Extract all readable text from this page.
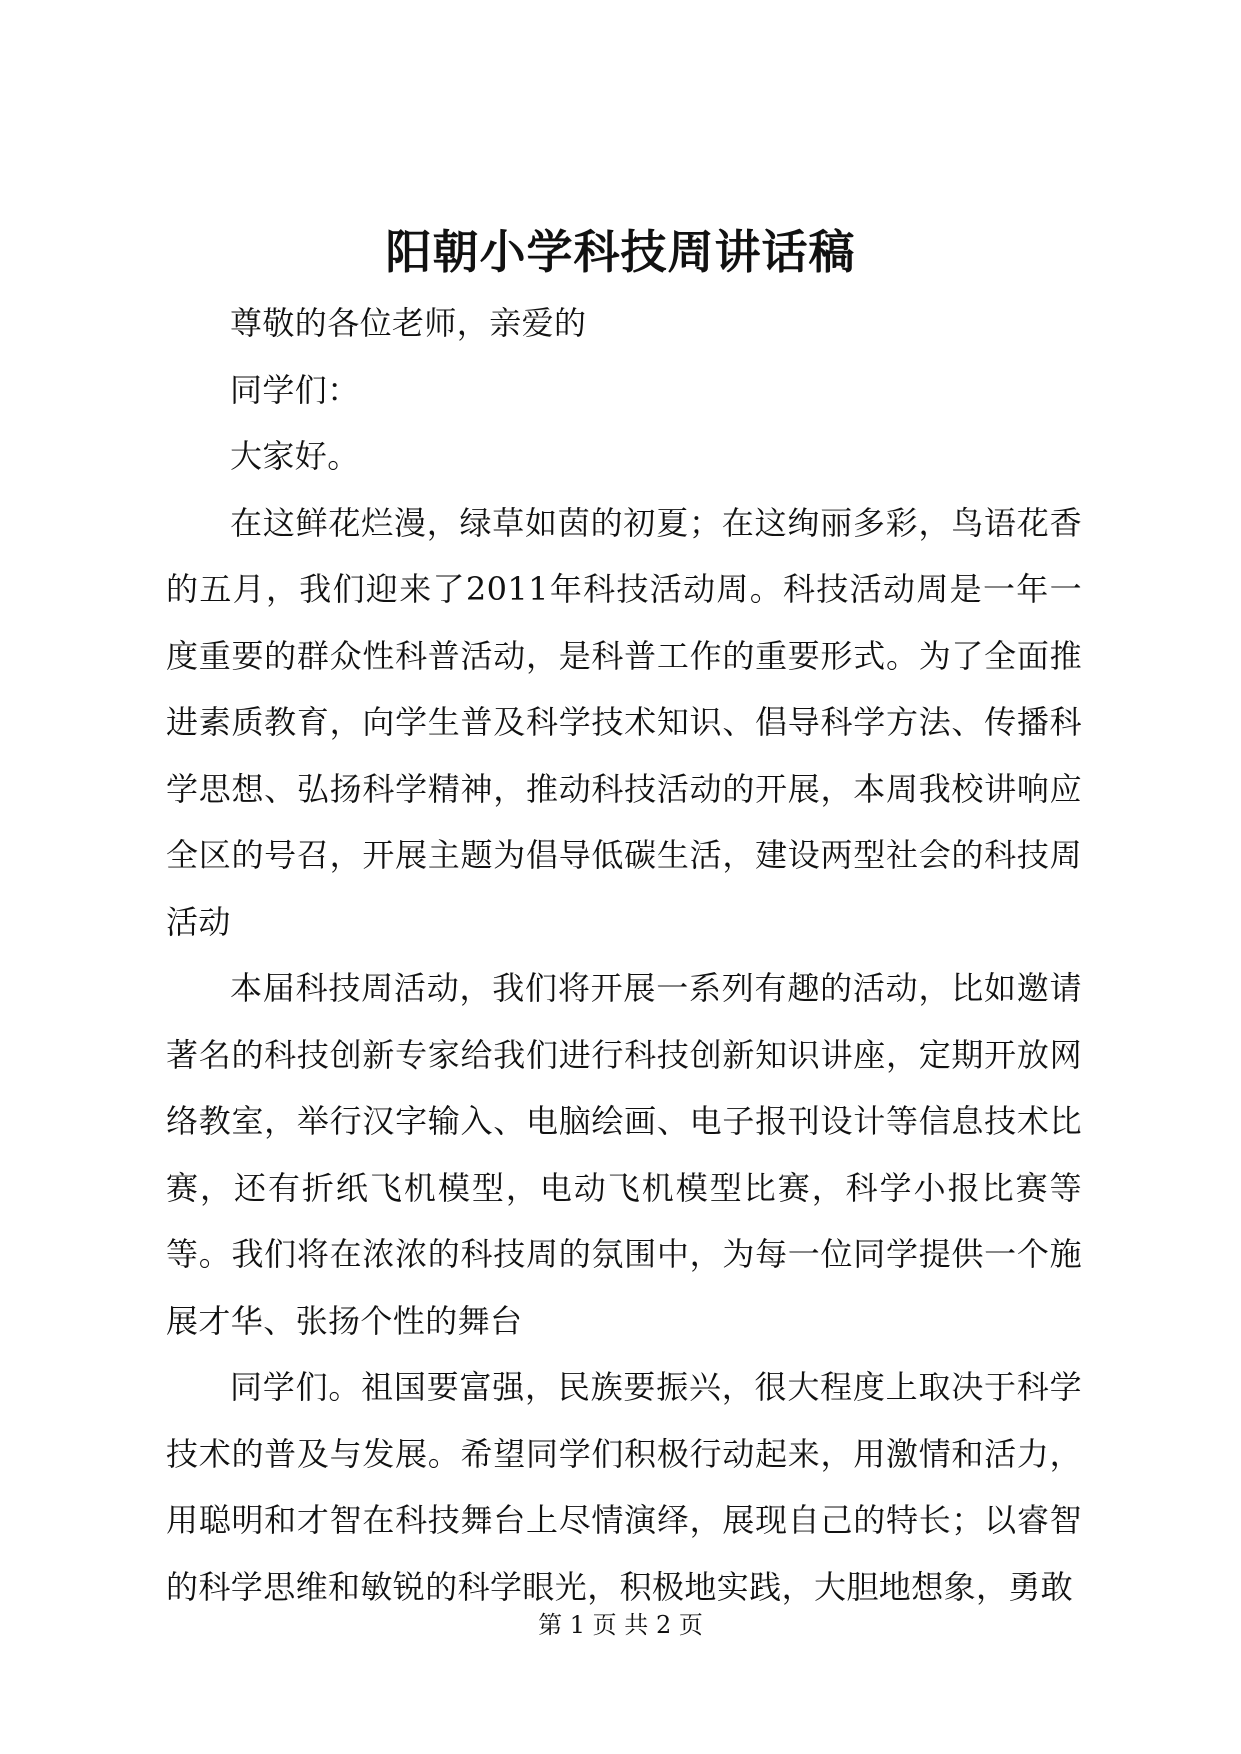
阳朝小学科技周讲话稿

尊敬的各位老师，亲爱的

同学们：

大家好。

在这鲜花烂漫，绿草如茵的初夏；在这绚丽多彩，鸟语花香的五月，我们迎来了2011年科技活动周。科技活动周是一年一度重要的群众性科普活动，是科普工作的重要形式。为了全面推进素质教育，向学生普及科学技术知识、倡导科学方法、传播科学思想、弘扬科学精神，推动科技活动的开展，本周我校讲响应全区的号召，开展主题为倡导低碳生活，建设两型社会的科技周活动

本届科技周活动，我们将开展一系列有趣的活动，比如邀请著名的科技创新专家给我们进行科技创新知识讲座，定期开放网络教室，举行汉字输入、电脑绘画、电子报刊设计等信息技术比赛，还有折纸飞机模型，电动飞机模型比赛，科学小报比赛等等。我们将在浓浓的科技周的氛围中，为每一位同学提供一个施展才华、张扬个性的舞台

同学们。祖国要富强，民族要振兴，很大程度上取决于科学技术的普及与发展。希望同学们积极行动起来，用激情和活力，用聪明和才智在科技舞台上尽情演绎，展现自己的特长；以睿智的科学思维和敏锐的科学眼光，积极地实践，大胆地想象，勇敢

第 1 页 共 2 页
